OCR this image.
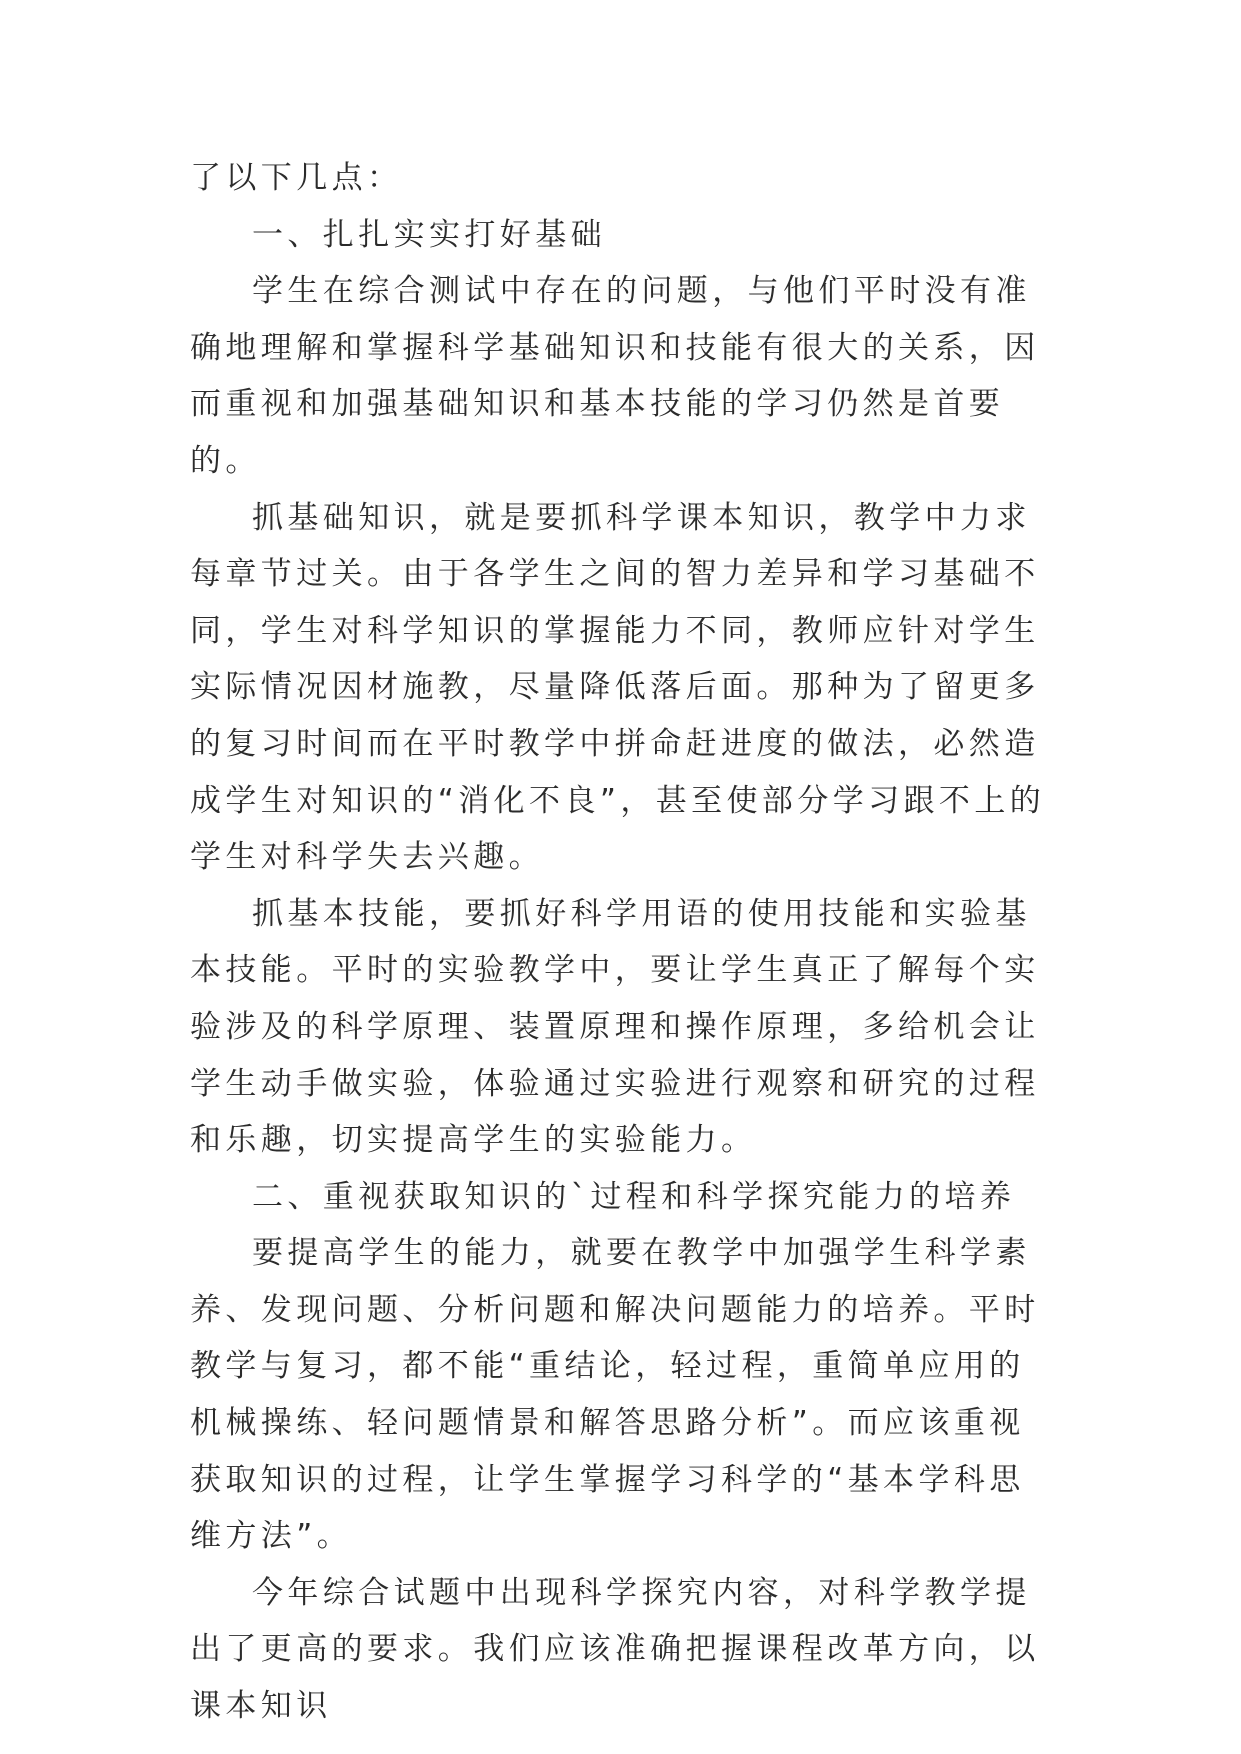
了以下几点：

一、扎扎实实打好基础

学生在综合测试中存在的问题，与他们平时没有准确地理解和掌握科学基础知识和技能有很大的关系，因而重视和加强基础知识和基本技能的学习仍然是首要的。

抓基础知识，就是要抓科学课本知识，教学中力求每章节过关。由于各学生之间的智力差异和学习基础不同，学生对科学知识的掌握能力不同，教师应针对学生实际情况因材施教，尽量降低落后面。那种为了留更多的复习时间而在平时教学中拼命赶进度的做法，必然造成学生对知识的“消化不良”，甚至使部分学习跟不上的学生对科学失去兴趣。

抓基本技能，要抓好科学用语的使用技能和实验基本技能。平时的实验教学中，要让学生真正了解每个实验涉及的科学原理、装置原理和操作原理，多给机会让学生动手做实验，体验通过实验进行观察和研究的过程和乐趣，切实提高学生的实验能力。

二、重视获取知识的`过程和科学探究能力的培养

要提高学生的能力，就要在教学中加强学生科学素养、发现问题、分析问题和解决问题能力的培养。平时教学与复习，都不能“重结论，轻过程，重简单应用的机械操练、轻问题情景和解答思路分析”。而应该重视获取知识的过程，让学生掌握学习科学的“基本学科思维方法”。

今年综合试题中出现科学探究内容，对科学教学提出了更高的要求。我们应该准确把握课程改革方向，以课本知识
